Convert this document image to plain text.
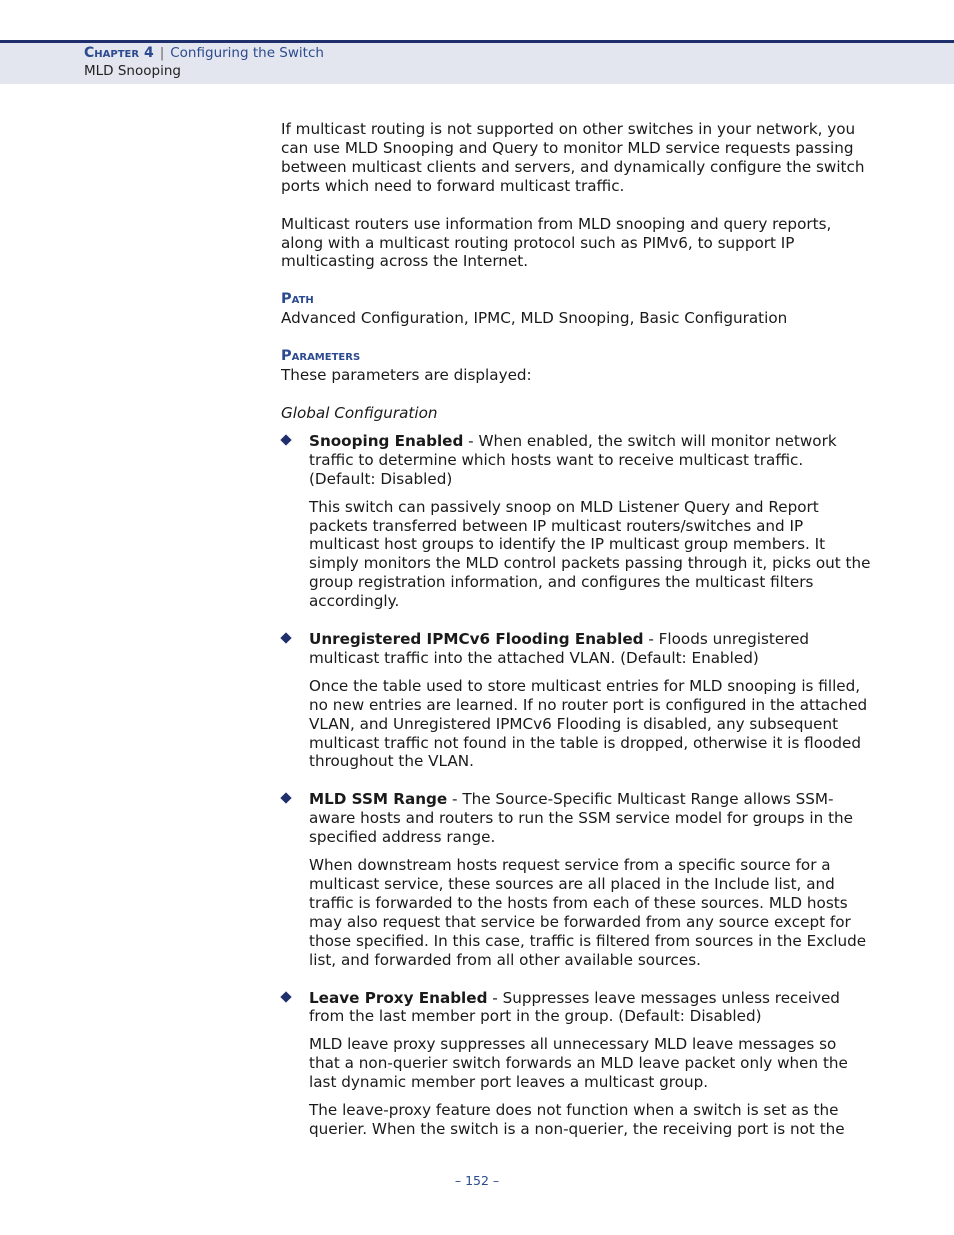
Chapter 4 | Configuring the Switch
MLD Snooping

If multicast routing is not supported on other switches in your network, you can use MLD Snooping and Query to monitor MLD service requests passing between multicast clients and servers, and dynamically configure the switch ports which need to forward multicast traffic.

Multicast routers use information from MLD snooping and query reports, along with a multicast routing protocol such as PIMv6, to support IP multicasting across the Internet.

Path

Advanced Configuration, IPMC, MLD Snooping, Basic Configuration

Parameters

These parameters are displayed:

Global Configuration

Snooping Enabled - When enabled, the switch will monitor network traffic to determine which hosts want to receive multicast traffic. (Default: Disabled)

This switch can passively snoop on MLD Listener Query and Report packets transferred between IP multicast routers/switches and IP multicast host groups to identify the IP multicast group members. It simply monitors the MLD control packets passing through it, picks out the group registration information, and configures the multicast filters accordingly.

Unregistered IPMCv6 Flooding Enabled - Floods unregistered multicast traffic into the attached VLAN. (Default: Enabled)

Once the table used to store multicast entries for MLD snooping is filled, no new entries are learned. If no router port is configured in the attached VLAN, and Unregistered IPMCv6 Flooding is disabled, any subsequent multicast traffic not found in the table is dropped, otherwise it is flooded throughout the VLAN.

MLD SSM Range - The Source-Specific Multicast Range allows SSM-aware hosts and routers to run the SSM service model for groups in the specified address range.

When downstream hosts request service from a specific source for a multicast service, these sources are all placed in the Include list, and traffic is forwarded to the hosts from each of these sources. MLD hosts may also request that service be forwarded from any source except for those specified. In this case, traffic is filtered from sources in the Exclude list, and forwarded from all other available sources.

Leave Proxy Enabled - Suppresses leave messages unless received from the last member port in the group. (Default: Disabled)

MLD leave proxy suppresses all unnecessary MLD leave messages so that a non-querier switch forwards an MLD leave packet only when the last dynamic member port leaves a multicast group.

The leave-proxy feature does not function when a switch is set as the querier. When the switch is a non-querier, the receiving port is not the

– 152 –
